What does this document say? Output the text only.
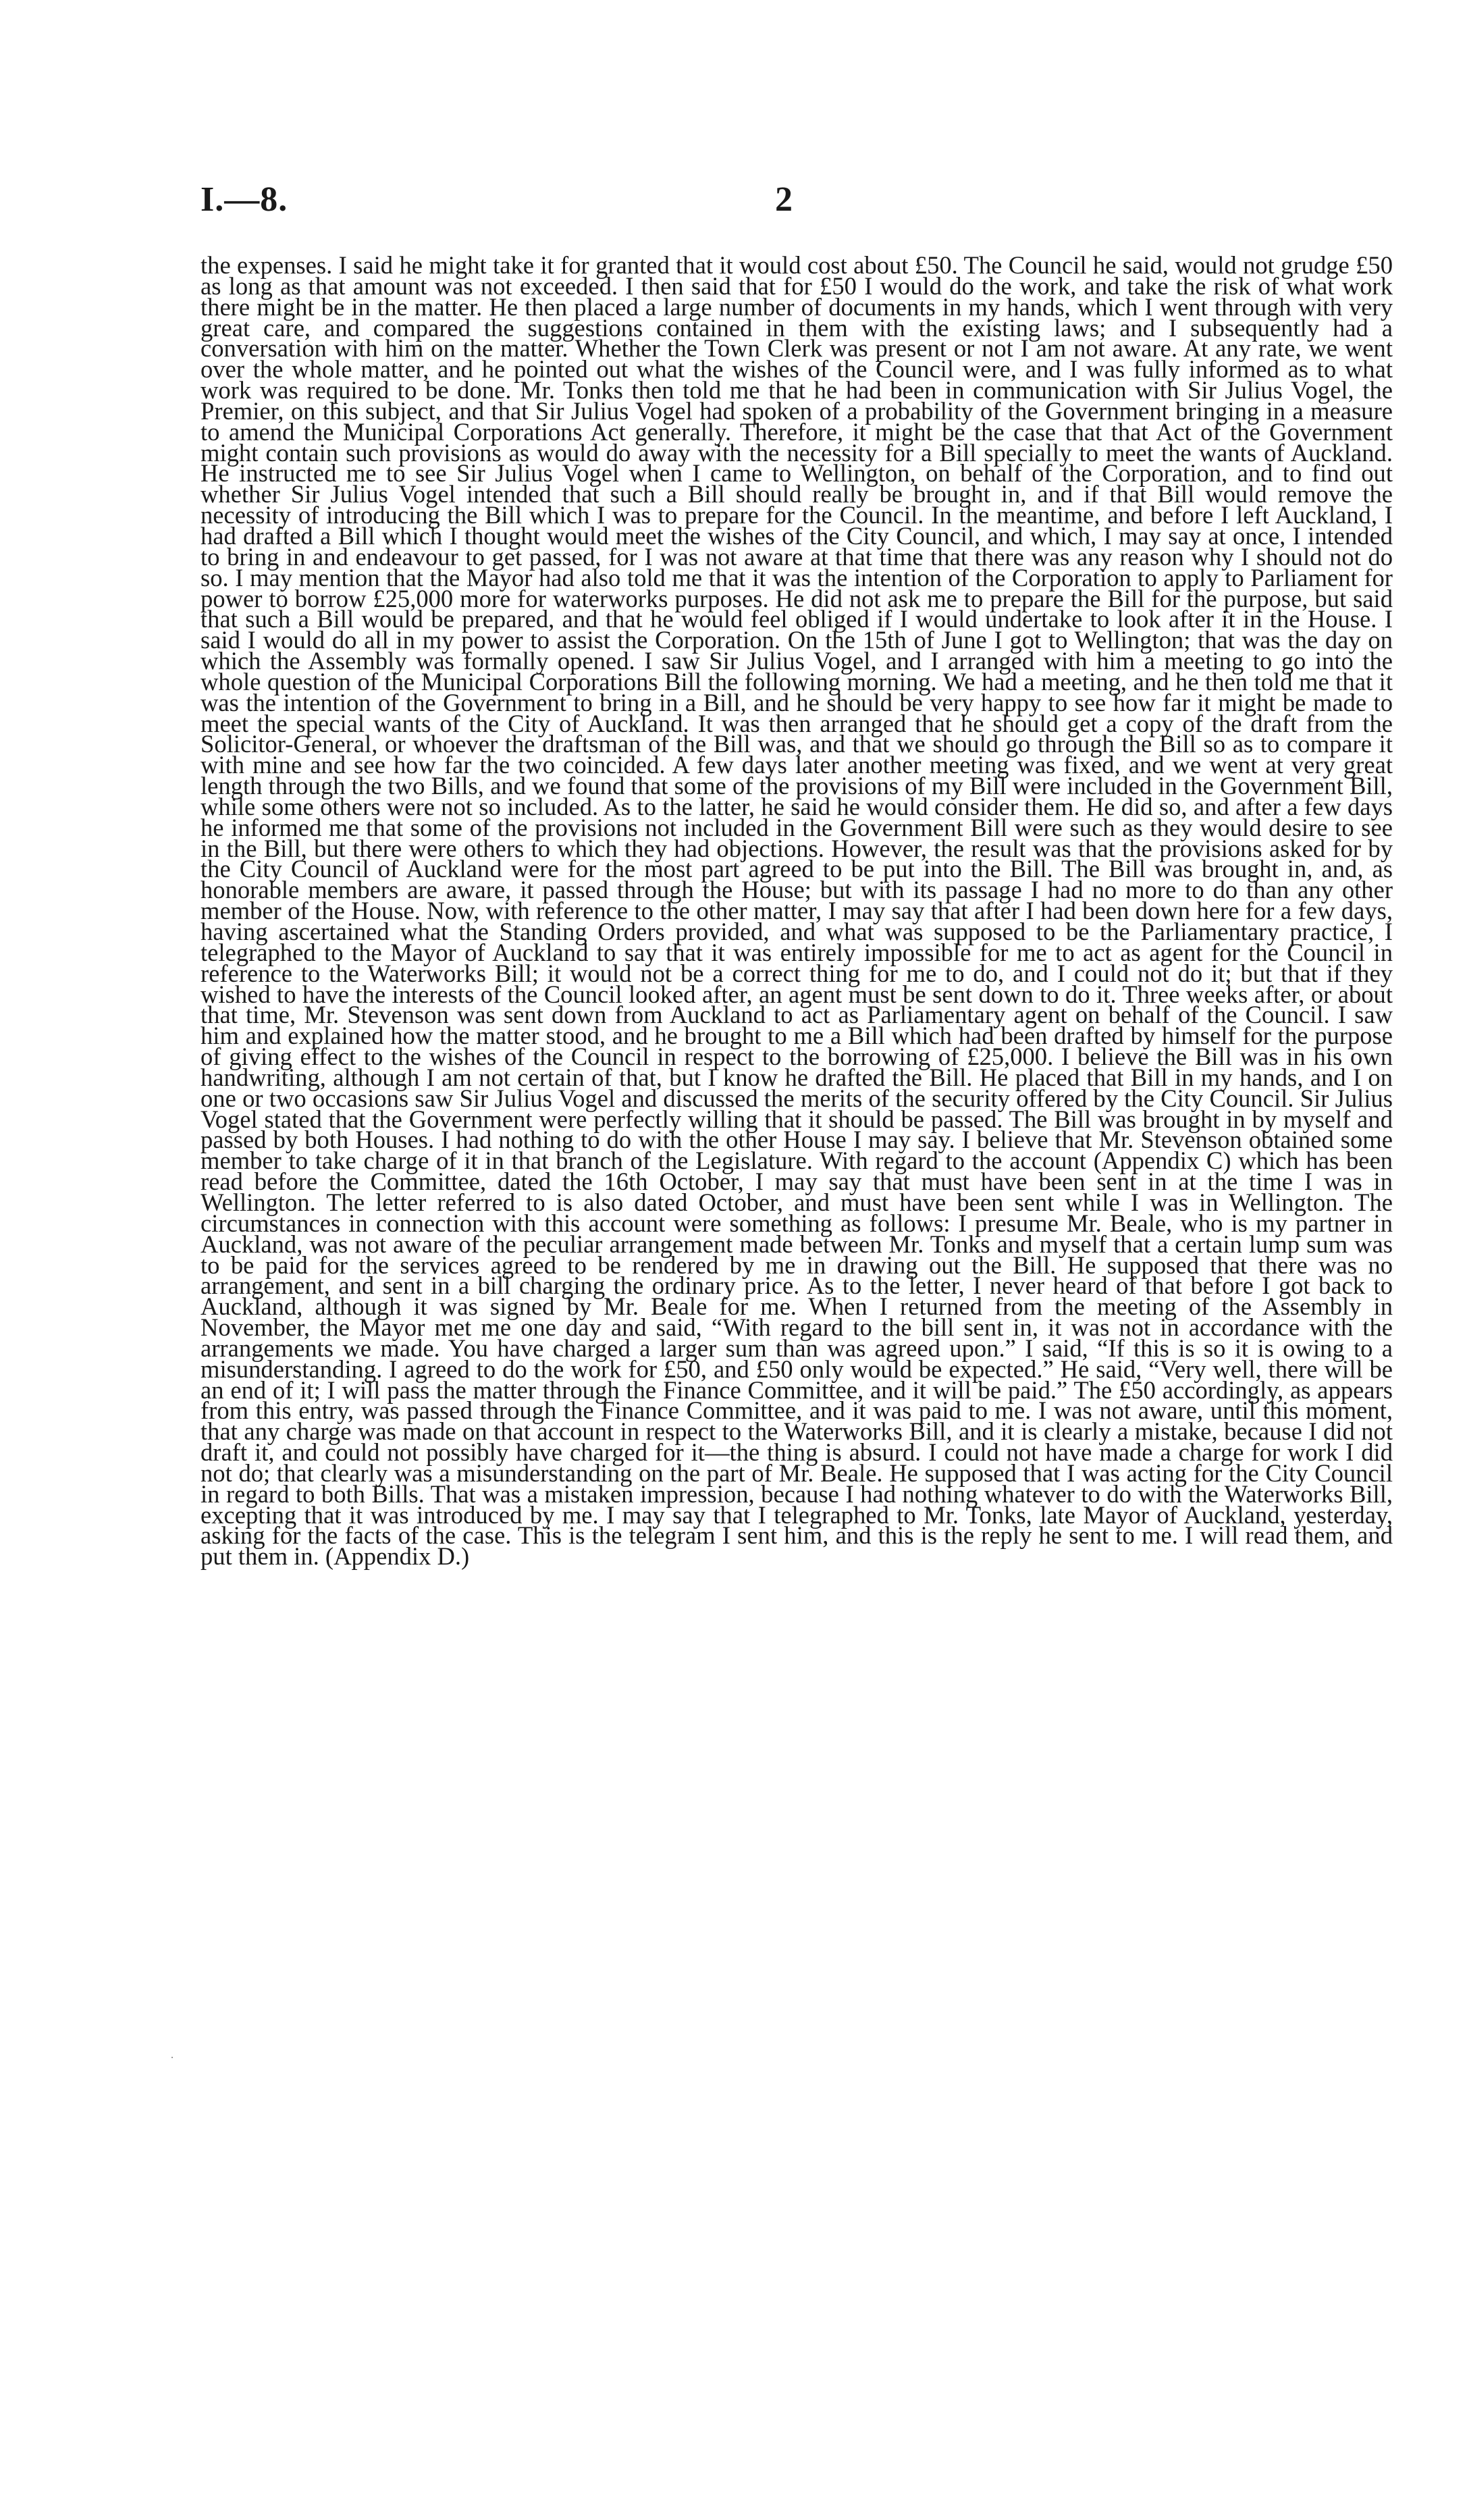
I.—8.	2

the expenses. I said he might take it for granted that it would cost about £50. The Council he said, would not grudge £50 as long as that amount was not exceeded. I then said that for £50 I would do the work, and take the risk of what work there might be in the matter. He then placed a large number of documents in my hands, which I went through with very great care, and compared the suggestions contained in them with the existing laws; and I subsequently had a conversation with him on the matter. Whether the Town Clerk was present or not I am not aware. At any rate, we went over the whole matter, and he pointed out what the wishes of the Council were, and I was fully informed as to what work was required to be done. Mr. Tonks then told me that he had been in communication with Sir Julius Vogel, the Premier, on this subject, and that Sir Julius Vogel had spoken of a probability of the Government bringing in a measure to amend the Municipal Corporations Act generally. Therefore, it might be the case that that Act of the Government might contain such provisions as would do away with the necessity for a Bill specially to meet the wants of Auckland. He instructed me to see Sir Julius Vogel when I came to Wellington, on behalf of the Corporation, and to find out whether Sir Julius Vogel intended that such a Bill should really be brought in, and if that Bill would remove the necessity of introducing the Bill which I was to prepare for the Council. In the meantime, and before I left Auckland, I had drafted a Bill which I thought would meet the wishes of the City Council, and which, I may say at once, I intended to bring in and endeavour to get passed, for I was not aware at that time that there was any reason why I should not do so. I may mention that the Mayor had also told me that it was the intention of the Corporation to apply to Parliament for power to borrow £25,000 more for waterworks purposes. He did not ask me to prepare the Bill for the purpose, but said that such a Bill would be prepared, and that he would feel obliged if I would undertake to look after it in the House. I said I would do all in my power to assist the Corporation. On the 15th of June I got to Wellington; that was the day on which the Assembly was formally opened. I saw Sir Julius Vogel, and I arranged with him a meeting to go into the whole question of the Municipal Corporations Bill the following morning. We had a meeting, and he then told me that it was the intention of the Government to bring in a Bill, and he should be very happy to see how far it might be made to meet the special wants of the City of Auckland. It was then arranged that he should get a copy of the draft from the Solicitor-General, or whoever the draftsman of the Bill was, and that we should go through the Bill so as to compare it with mine and see how far the two coincided. A few days later another meeting was fixed, and we went at very great length through the two Bills, and we found that some of the provisions of my Bill were included in the Government Bill, while some others were not so included. As to the latter, he said he would consider them. He did so, and after a few days he informed me that some of the provisions not included in the Government Bill were such as they would desire to see in the Bill, but there were others to which they had objections. However, the result was that the provisions asked for by the City Council of Auckland were for the most part agreed to be put into the Bill. The Bill was brought in, and, as honorable members are aware, it passed through the House; but with its passage I had no more to do than any other member of the House. Now, with reference to the other matter, I may say that after I had been down here for a few days, having ascertained what the Standing Orders provided, and what was supposed to be the Parliamentary practice, I telegraphed to the Mayor of Auckland to say that it was entirely impossible for me to act as agent for the Council in reference to the Waterworks Bill; it would not be a correct thing for me to do, and I could not do it; but that if they wished to have the interests of the Council looked after, an agent must be sent down to do it. Three weeks after, or about that time, Mr. Stevenson was sent down from Auckland to act as Parliamentary agent on behalf of the Council. I saw him and explained how the matter stood, and he brought to me a Bill which had been drafted by himself for the purpose of giving effect to the wishes of the Council in respect to the borrowing of £25,000. I believe the Bill was in his own handwriting, although I am not certain of that, but I know he drafted the Bill. He placed that Bill in my hands, and I on one or two occasions saw Sir Julius Vogel and discussed the merits of the security offered by the City Council. Sir Julius Vogel stated that the Government were perfectly willing that it should be passed. The Bill was brought in by myself and passed by both Houses. I had nothing to do with the other House I may say. I believe that Mr. Stevenson obtained some member to take charge of it in that branch of the Legislature. With regard to the account (Appendix C) which has been read before the Committee, dated the 16th October, I may say that must have been sent in at the time I was in Wellington. The letter referred to is also dated October, and must have been sent while I was in Wellington. The circumstances in connection with this account were something as follows: I presume Mr. Beale, who is my partner in Auckland, was not aware of the peculiar arrangement made between Mr. Tonks and myself that a certain lump sum was to be paid for the services agreed to be rendered by me in drawing out the Bill. He supposed that there was no arrangement, and sent in a bill charging the ordinary price. As to the letter, I never heard of that before I got back to Auckland, although it was signed by Mr. Beale for me. When I returned from the meeting of the Assembly in November, the Mayor met me one day and said, “With regard to the bill sent in, it was not in accordance with the arrangements we made. You have charged a larger sum than was agreed upon.” I said, “If this is so it is owing to a misunderstanding. I agreed to do the work for £50, and £50 only would be expected.” He said, “Very well, there will be an end of it; I will pass the matter through the Finance Committee, and it will be paid.” The £50 accordingly, as appears from this entry, was passed through the Finance Committee, and it was paid to me. I was not aware, until this moment, that any charge was made on that account in respect to the Waterworks Bill, and it is clearly a mistake, because I did not draft it, and could not possibly have charged for it—the thing is absurd. I could not have made a charge for work I did not do; that clearly was a misunderstanding on the part of Mr. Beale. He supposed that I was acting for the City Council in regard to both Bills. That was a mistaken impression, because I had nothing whatever to do with the Waterworks Bill, excepting that it was introduced by me. I may say that I telegraphed to Mr. Tonks, late Mayor of Auckland, yesterday, asking for the facts of the case. This is the telegram I sent him, and this is the reply he sent to me. I will read them, and put them in. (Appendix D.)

·
